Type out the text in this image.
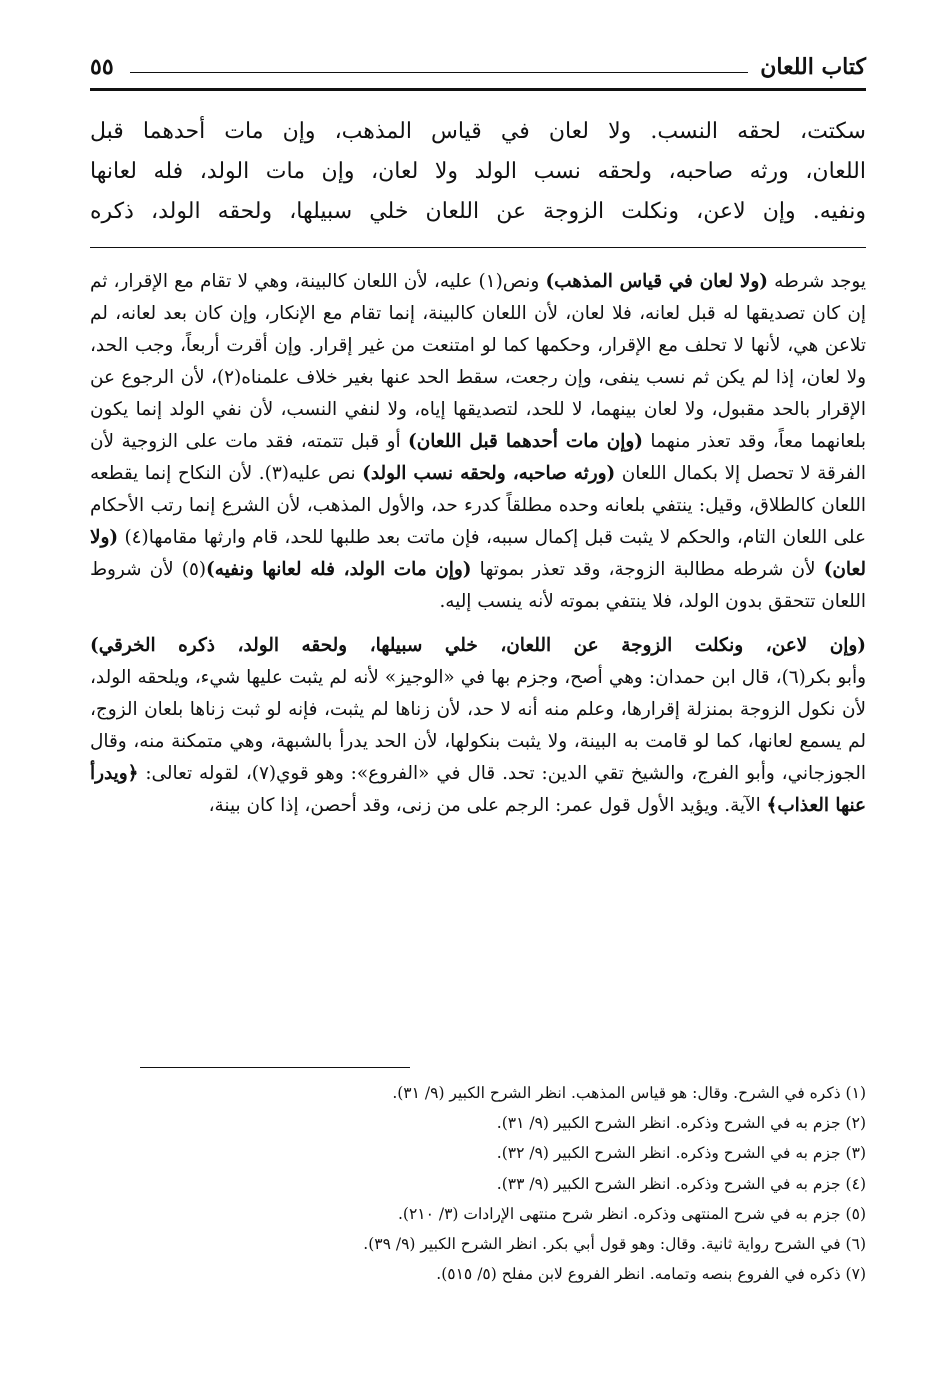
كتاب اللعان
٥٥

سكتت، لحقه النسب. ولا لعان في قياس المذهب، وإن مات أحدهما قبل

اللعان، ورثه صاحبه، ولحقه نسب الولد ولا لعان، وإن مات الولد، فله لعانها

ونفيه. وإن لاعن، ونكلت الزوجة عن اللعان خلي سبيلها، ولحقه الولد، ذكره

يوجد شرطه (ولا لعان في قياس المذهب) ونص(١) عليه، لأن اللعان كالبينة، وهي لا تقام مع الإقرار، ثم إن كان تصديقها له قبل لعانه، فلا لعان، لأن اللعان كالبينة، إنما تقام مع الإنكار، وإن كان بعد لعانه، لم تلاعن هي، لأنها لا تحلف مع الإقرار، وحكمها كما لو امتنعت من غير إقرار. وإن أقرت أربعاً، وجب الحد، ولا لعان، إذا لم يكن ثم نسب ينفى، وإن رجعت، سقط الحد عنها بغير خلاف علمناه(٢)، لأن الرجوع عن الإقرار بالحد مقبول، ولا لعان بينهما، لا للحد، لتصديقها إياه، ولا لنفي النسب، لأن نفي الولد إنما يكون بلعانهما معاً، وقد تعذر منهما (وإن مات أحدهما قبل اللعان) أو قبل تتمته، فقد مات على الزوجية لأن الفرقة لا تحصل إلا بكمال اللعان (ورثه صاحبه، ولحقه نسب الولد) نص عليه(٣). لأن النكاح إنما يقطعه اللعان كالطلاق، وقيل: ينتفي بلعانه وحده مطلقاً كدرء حد، والأول المذهب، لأن الشرع إنما رتب الأحكام على اللعان التام، والحكم لا يثبت قبل إكمال سببه، فإن ماتت بعد طلبها للحد، قام وارثها مقامها(٤) (ولا لعان) لأن شرطه مطالبة الزوجة، وقد تعذر بموتها (وإن مات الولد، فله لعانها ونفيه)(٥) لأن شروط اللعان تتحقق بدون الولد، فلا ينتفي بموته لأنه ينسب إليه.

(وإن لاعن، ونكلت الزوجة عن اللعان، خلي سبيلها، ولحقه الولد، ذكره الخرقي)
وأبو بكر(٦)، قال ابن حمدان: وهي أصح، وجزم بها في «الوجيز» لأنه لم يثبت عليها شيء، ويلحقه الولد، لأن نكول الزوجة بمنزلة إقرارها، وعلم منه أنه لا حد، لأن زناها لم يثبت، فإنه لو ثبت زناها بلعان الزوج، لم يسمع لعانها، كما لو قامت به البينة، ولا يثبت بنكولها، لأن الحد يدرأ بالشبهة، وهي متمكنة منه، وقال الجوزجاني، وأبو الفرج، والشيخ تقي الدين: تحد. قال في «الفروع»: وهو قوي(٧)، لقوله تعالى: ﴿ويدرأ عنها العذاب﴾ الآية. ويؤيد الأول قول عمر: الرجم على من زنى، وقد أحصن، إذا كان بينة،

(١) ذكره في الشرح. وقال: هو قياس المذهب. انظر الشرح الكبير (٩/ ٣١).

(٢) جزم به في الشرح وذكره. انظر الشرح الكبير (٩/ ٣١).

(٣) جزم به في الشرح وذكره. انظر الشرح الكبير (٩/ ٣٢).

(٤) جزم به في الشرح وذكره. انظر الشرح الكبير (٩/ ٣٣).

(٥) جزم به في شرح المنتهى وذكره. انظر شرح منتهى الإرادات (٣/ ٢١٠).

(٦) في الشرح رواية ثانية. وقال: وهو قول أبي بكر. انظر الشرح الكبير (٩/ ٣٩).

(٧) ذكره في الفروع بنصه وتمامه. انظر الفروع لابن مفلح (٥/ ٥١٥).
